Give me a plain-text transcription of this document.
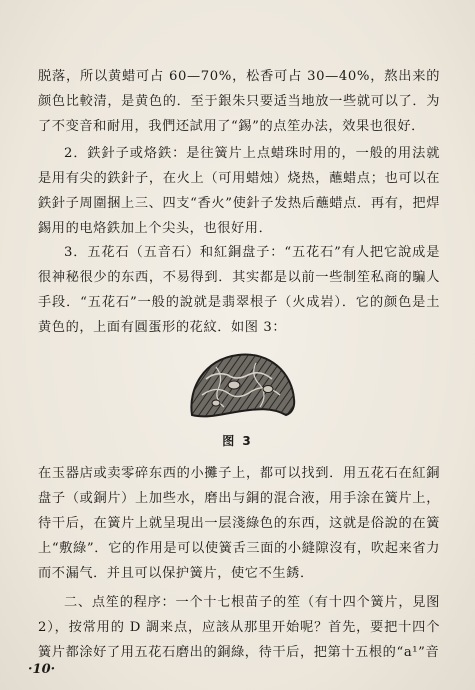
脱落，所以黄蜡可占 60—70%，松香可占 30—40%，熬出来的颜色比較清，是黄色的．至于銀朱只要适当地放一些就可以了．为了不变音和耐用，我們还試用了“錫”的点笙办法，效果也很好．

2．鉄針子或烙鉄：是往簧片上点蜡珠时用的，一般的用法就是用有尖的鉄針子，在火上（可用蜡烛）烧热，蘸蜡点；也可以在鉄針子周圍捆上三、四支“香火”使針子发热后蘸蜡点．再有，把焊錫用的电烙鉄加上个尖头，也很好用．

3．五花石（五音石）和紅銅盘子：“五花石”有人把它說成是很神秘很少的东西，不易得到．其实都是以前一些制笙私商的騙人手段．“五花石”一般的說就是翡翠根子（火成岩）．它的颜色是土黄色的，上面有圓蛋形的花紋．如图 3：

图 3

在玉器店或卖零碎东西的小攤子上，都可以找到．用五花石在紅銅盘子（或銅片）上加些水，磨出与銅的混合液，用手涂在簧片上，待干后，在簧片上就呈現出一层淺綠色的东西，这就是俗說的在簧上“敷綠”．它的作用是可以使簧舌三面的小縫隙沒有，吹起来省力而不漏气．并且可以保护簧片，使它不生銹．

二、点笙的程序：一个十七根苗子的笙（有十四个簧片，見图2），按常用的 D 調来点，应該从那里开始呢？首先，要把十四个簧片都涂好了用五花石磨出的銅綠，待干后，把第十五根的“a¹”音

·10·
